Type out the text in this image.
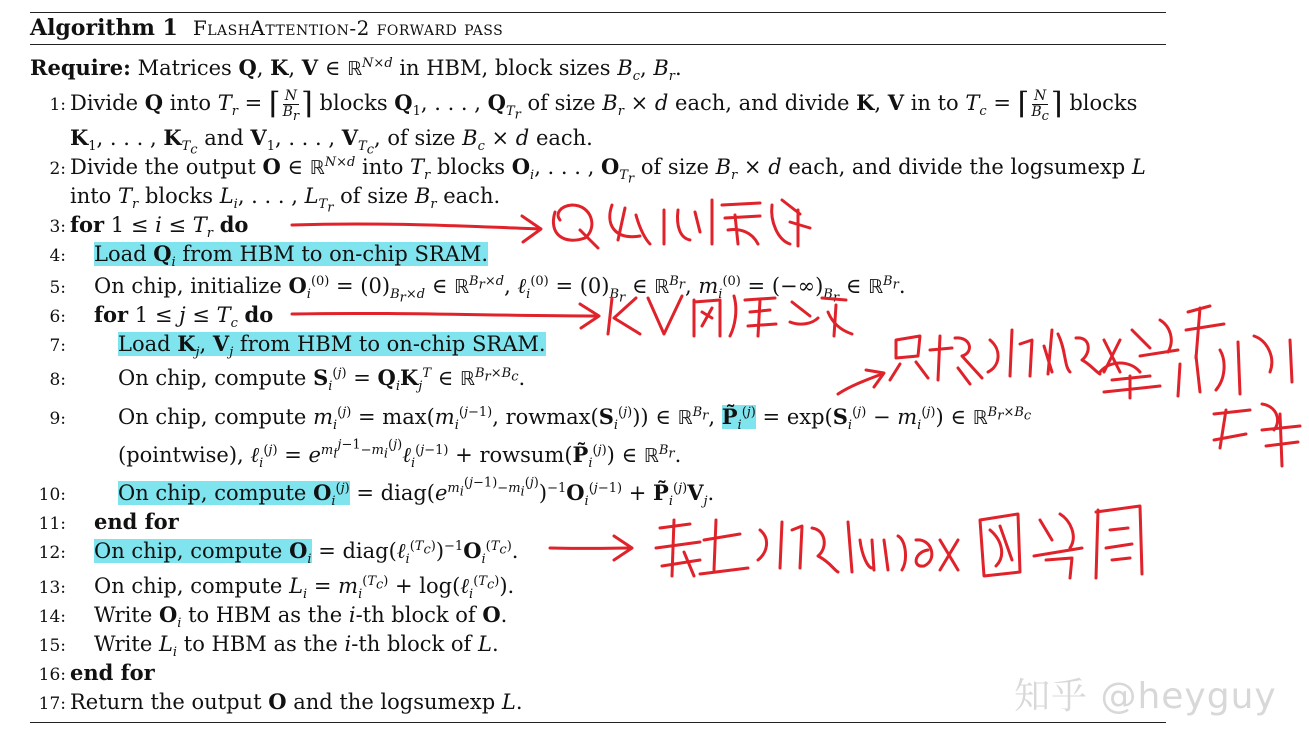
Algorithm 1 FlashAttention-2 forward pass
Require: Matrices Q, K, V ∈ ℝ$^{N\times d}$ in HBM, block sizes $B_c$, $B_r$.
1: Divide Q into $T_r$ = ⌈ $\frac{N}{B_r}$ ⌉ blocks $Q_1$, . . . , $Q_{T_r}$ of size $B_r \times d$ each, and divide K, V in to $T_c$ = ⌈ $\frac{N}{B_c}$ ⌉ blocks
$K_1$, . . . , $K_{T_c}$ and $V_1$, . . . , $V_{T_c}$, of size $B_c \times d$ each.
2: Divide the output O ∈ ℝ$^{N\times d}$ into $T_r$ blocks $O_i$, . . . , $O_{T_r}$ of size $B_r \times d$ each, and divide the logsumexp L
into $T_r$ blocks $L_i$, . . . , $L_{T_r}$ of size $B_r$ each.
3: for $1 \le i \le T_r$ do
4: Load $Q_i$ from HBM to on-chip SRAM.
5: On chip, initialize $O_i^{(0)} = (0)_{B_r\times d}$ ∈ ℝ$^{B_r\times d}$, ℓ$_i^{(0)}$ = $(0)_{B_r}$ ∈ ℝ$^{B_r}$, $m_i^{(0)} = (-\infty)_{B_r}$ ∈ ℝ$^{B_r}$.
6: for $1 \le j \le T_c$ do
7: Load $K_j$, $V_j$ from HBM to on-chip SRAM.
8: On chip, compute $S_i^{(j)} = Q_iK_j^T$ ∈ ℝ$^{B_r\times B_c}$.
9: On chip, compute $m_i^{(j)} = \max(m_i^{(j-1)}$, $rowmax(S_i^{(j)})$) ∈ ℝ$^{B_r}$, $P̃_i^{(j)} = \exp(S_i^{(j)} - m_i^{(j)})$ ∈ ℝ$^{B_r\times B_c}$
(pointwise), ℓ$_i^{(j)}$ = $e^{m_i^{j-1}-m_i^{(j)}}\ell_i^{(j-1)}$ + $rowsum(P̃_i^{(j)})$ ∈ ℝ$^{B_r}$.
10: On chip, compute $O_i^{(j)}$ = $diag(e^{m_i^{(j-1)}-m_i^{(j)}})^{-1}O_i^{(j-1)}$ + $P̃_i^{(j)}V_j$.
11: end for
12: On chip, compute $O_i$ = $diag(\ell_i^{(T_c)})^{-1}O_i^{(T_c)}$.
13: On chip, compute $L_i = m_i^{(T_c)}$ + log(ℓ$_i^{(T_c)}$).
14: Write $O_i$ to HBM as the i-th block of O.
15: Write $L_i$ to HBM as the i-th block of L.
16: end for
17: Return the output O and the logsumexp L.	知乎 @heyguy
